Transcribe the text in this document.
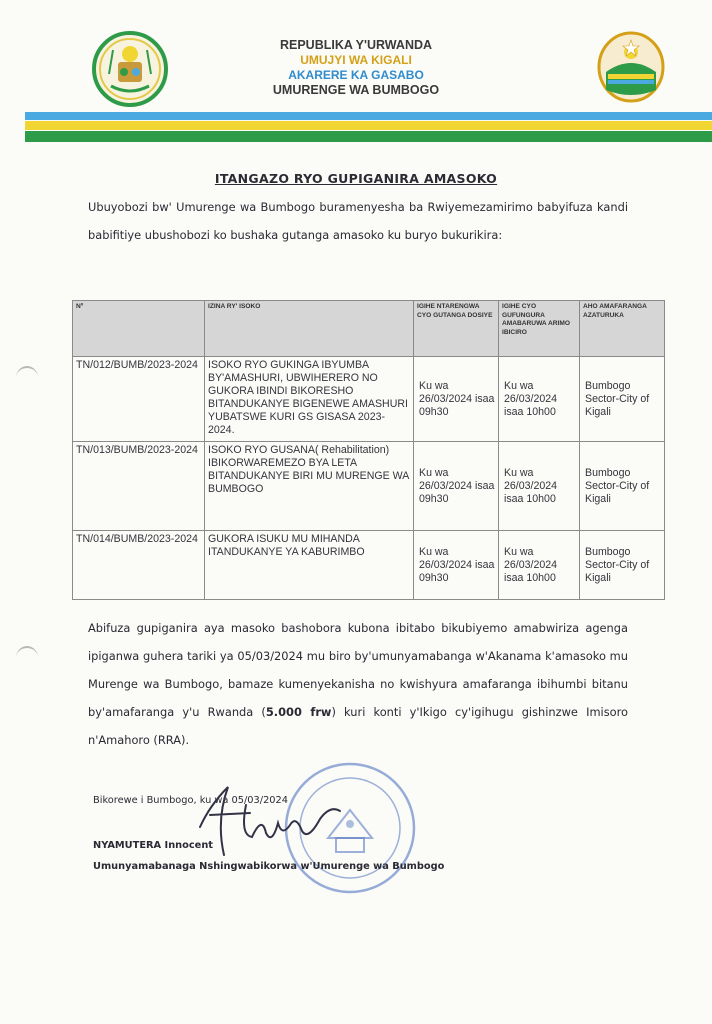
REPUBLIKA Y'URWANDA
UMUJYI WA KIGALI
AKARERE KA GASABO
UMURENGE WA BUMBOGO
ITANGAZO RYO GUPIGANIRA AMASOKO
Ubuyobozi bw' Umurenge wa Bumbogo buramenyesha ba Rwiyemezamirimo babyifuza kandi babifitiye ubushobozi ko bushaka gutanga amasoko ku buryo bukurikira:
Nº	IZINA RY' ISOKO	IGIHE NTARENGWA CYO GUTANGA DOSIYE	IGIHE CYO GUFUNGURA AMABARUWA ARIMO IBICIRO	AHO AMAFARANGA AZATURUKA
TN/012/BUMB/2023-2024	ISOKO RYO GUKINGA IBYUMBA BY'AMASHURI, UBWIHERERO NO GUKORA IBINDI BIKORESHO BITANDUKANYE BIGENEWE AMASHURI YUBATSWE KURI GS GISASA 2023-2024.	Ku wa 26/03/2024 isaa 09h30	Ku wa 26/03/2024 isaa 10h00	Bumbogo Sector-City of Kigali
TN/013/BUMB/2023-2024	ISOKO RYO GUSANA( Rehabilitation) IBIKORWAREMEZO BYA LETA BITANDUKANYE BIRI MU MURENGE WA BUMBOGO	Ku wa 26/03/2024 isaa 09h30	Ku wa 26/03/2024 isaa 10h00	Bumbogo Sector-City of Kigali
TN/014/BUMB/2023-2024	GUKORA ISUKU MU MIHANDA ITANDUKANYE YA KABURIMBO	Ku wa 26/03/2024 isaa 09h30	Ku wa 26/03/2024 isaa 10h00	Bumbogo Sector-City of Kigali
Abifuza gupiganira aya masoko bashobora kubona ibitabo bikubiyemo amabwiriza agenga ipiganwa guhera tariki ya 05/03/2024 mu biro by'umunyamabanga w'Akanama k'amasoko mu Murenge wa Bumbogo, bamaze kumenyekanisha no kwishyura amafaranga ibihumbi bitanu by'amafaranga y'u Rwanda (5.000 frw) kuri konti y'Ikigo cy'igihugu gishinzwe Imisoro n'Amahoro (RRA).
Bikorewe i Bumbogo, ku wa 05/03/2024
NYAMUTERA Innocent
Umunyamabanaga Nshingwabikorwa w'Umurenge wa Bumbogo
